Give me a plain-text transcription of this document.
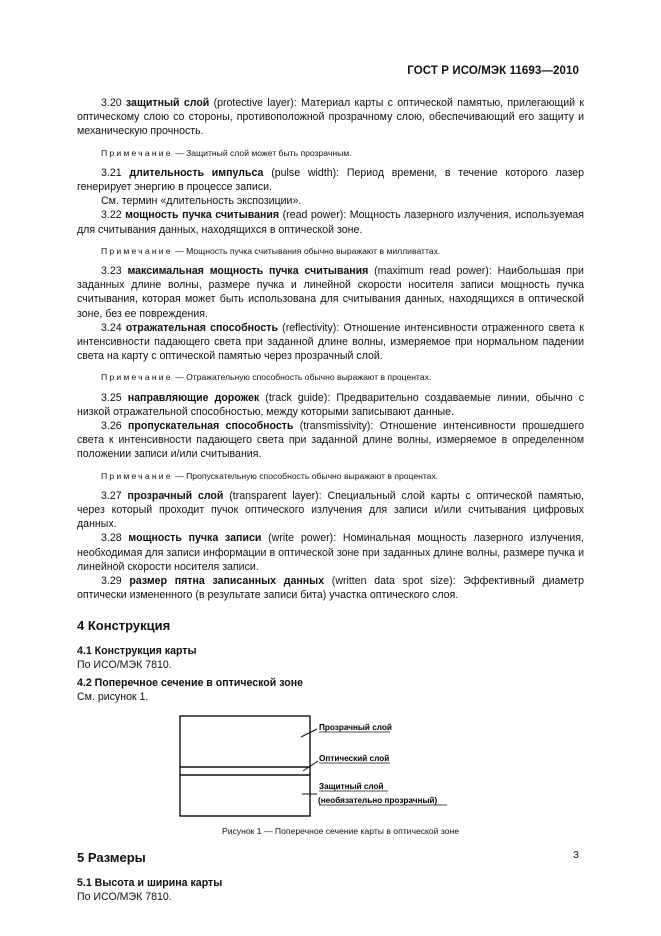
ГОСТ Р ИСО/МЭК 11693—2010

3.20 защитный слой (protective layer): Материал карты с оптической памятью, прилегающий к оптическому слою со стороны, противоположной прозрачному слою, обеспечивающий его защиту и механическую прочность.

Примечание — Защитный слой может быть прозрачным.

3.21 длительность импульса (pulse width): Период времени, в течение которого лазер генерирует энергию в процессе записи.

См. термин «длительность экспозиции».

3.22 мощность пучка считывания (read power): Мощность лазерного излучения, используемая для считывания данных, находящихся в оптической зоне.

Примечание — Мощность пучка считывания обычно выражают в милливаттах.

3.23 максимальная мощность пучка считывания (maximum read power): Наибольшая при заданных длине волны, размере пучка и линейной скорости носителя записи мощность пучка считывания, которая может быть использована для считывания данных, находящихся в оптической зоне, без ее повреждения.

3.24 отражательная способность (reflectivity): Отношение интенсивности отраженного света к интенсивности падающего света при заданной длине волны, измеряемое при нормальном падении света на карту с оптической памятью через прозрачный слой.

Примечание — Отражательную способность обычно выражают в процентах.

3.25 направляющие дорожек (track guide): Предварительно создаваемые линии, обычно с низкой отражательной способностью, между которыми записывают данные.

3.26 пропускательная способность (transmissivity): Отношение интенсивности прошедшего света к интенсивности падающего света при заданной длине волны, измеряемое в определенном положении записи и/или считывания.

Примечание — Пропускательную способность обычно выражают в процентах.

3.27 прозрачный слой (transparent layer): Специальный слой карты с оптической памятью, через который проходит пучок оптического излучения для записи и/или считывания цифровых данных.

3.28 мощность пучка записи (write power): Номинальная мощность лазерного излучения, необходимая для записи информации в оптической зоне при заданных длине волны, размере пучка и линейной скорости носителя записи.

3.29 размер пятна записанных данных (written data spot size): Эффективный диаметр оптически измененного (в результате записи бита) участка оптического слоя.

4 Конструкция
4.1 Конструкция карты

По ИСО/МЭК 7810.

4.2 Поперечное сечение в оптической зоне

См. рисунок 1.

Прозрачный слой
Оптический слой
Защитный слой
(необязательно прозрачный)

Рисунок 1 — Поперечное сечение карты в оптической зоне

5 Размеры
5.1 Высота и ширина карты

По ИСО/МЭК 7810.

3
